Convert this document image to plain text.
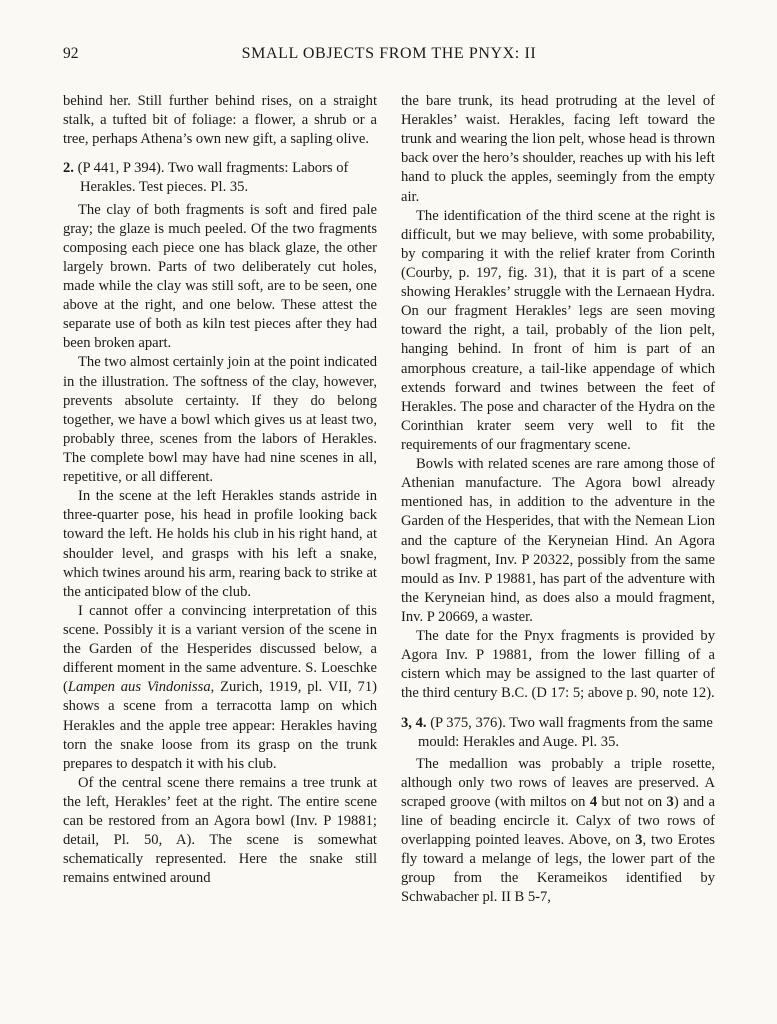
92	SMALL OBJECTS FROM THE PNYX: II

behind her. Still further behind rises, on a straight stalk, a tufted bit of foliage: a flower, a shrub or a tree, perhaps Athena’s own new gift, a sapling olive.

2. (P 441, P 394). Two wall fragments: Labors of Herakles. Test pieces. Pl. 35.

The clay of both fragments is soft and fired pale gray; the glaze is much peeled. Of the two fragments composing each piece one has black glaze, the other largely brown. Parts of two deliberately cut holes, made while the clay was still soft, are to be seen, one above at the right, and one below. These attest the separate use of both as kiln test pieces after they had been broken apart.

The two almost certainly join at the point indicated in the illustration. The softness of the clay, however, prevents absolute certainty. If they do belong together, we have a bowl which gives us at least two, probably three, scenes from the labors of Herakles. The complete bowl may have had nine scenes in all, repetitive, or all different.

In the scene at the left Herakles stands astride in three-quarter pose, his head in profile looking back toward the left. He holds his club in his right hand, at shoulder level, and grasps with his left a snake, which twines around his arm, rearing back to strike at the anticipated blow of the club.

I cannot offer a convincing interpretation of this scene. Possibly it is a variant version of the scene in the Garden of the Hesperides discussed below, a different moment in the same adventure. S. Loeschke (Lampen aus Vindonissa, Zurich, 1919, pl. VII, 71) shows a scene from a terracotta lamp on which Herakles and the apple tree appear: Herakles having torn the snake loose from its grasp on the trunk prepares to despatch it with his club.

Of the central scene there remains a tree trunk at the left, Herakles’ feet at the right. The entire scene can be restored from an Agora bowl (Inv. P 19881; detail, Pl. 50, A). The scene is somewhat schematically represented. Here the snake still remains entwined around

the bare trunk, its head protruding at the level of Herakles’ waist. Herakles, facing left toward the trunk and wearing the lion pelt, whose head is thrown back over the hero’s shoulder, reaches up with his left hand to pluck the apples, seemingly from the empty air.

The identification of the third scene at the right is difficult, but we may believe, with some probability, by comparing it with the relief krater from Corinth (Courby, p. 197, fig. 31), that it is part of a scene showing Herakles’ struggle with the Lernaean Hydra. On our fragment Herakles’ legs are seen moving toward the right, a tail, probably of the lion pelt, hanging behind. In front of him is part of an amorphous creature, a tail-like appendage of which extends forward and twines between the feet of Herakles. The pose and character of the Hydra on the Corinthian krater seem very well to fit the requirements of our fragmentary scene.

Bowls with related scenes are rare among those of Athenian manufacture. The Agora bowl already mentioned has, in addition to the adventure in the Garden of the Hesperides, that with the Nemean Lion and the capture of the Keryneian Hind. An Agora bowl fragment, Inv. P 20322, possibly from the same mould as Inv. P 19881, has part of the adventure with the Keryneian hind, as does also a mould fragment, Inv. P 20669, a waster.

The date for the Pnyx fragments is provided by Agora Inv. P 19881, from the lower filling of a cistern which may be assigned to the last quarter of the third century B.C. (D 17: 5; above p. 90, note 12).

3, 4. (P 375, 376). Two wall fragments from the same mould: Herakles and Auge. Pl. 35.

The medallion was probably a triple rosette, although only two rows of leaves are preserved. A scraped groove (with miltos on 4 but not on 3) and a line of beading encircle it. Calyx of two rows of overlapping pointed leaves. Above, on 3, two Erotes fly toward a melange of legs, the lower part of the group from the Kerameikos identified by Schwabacher pl. II B 5-7,
